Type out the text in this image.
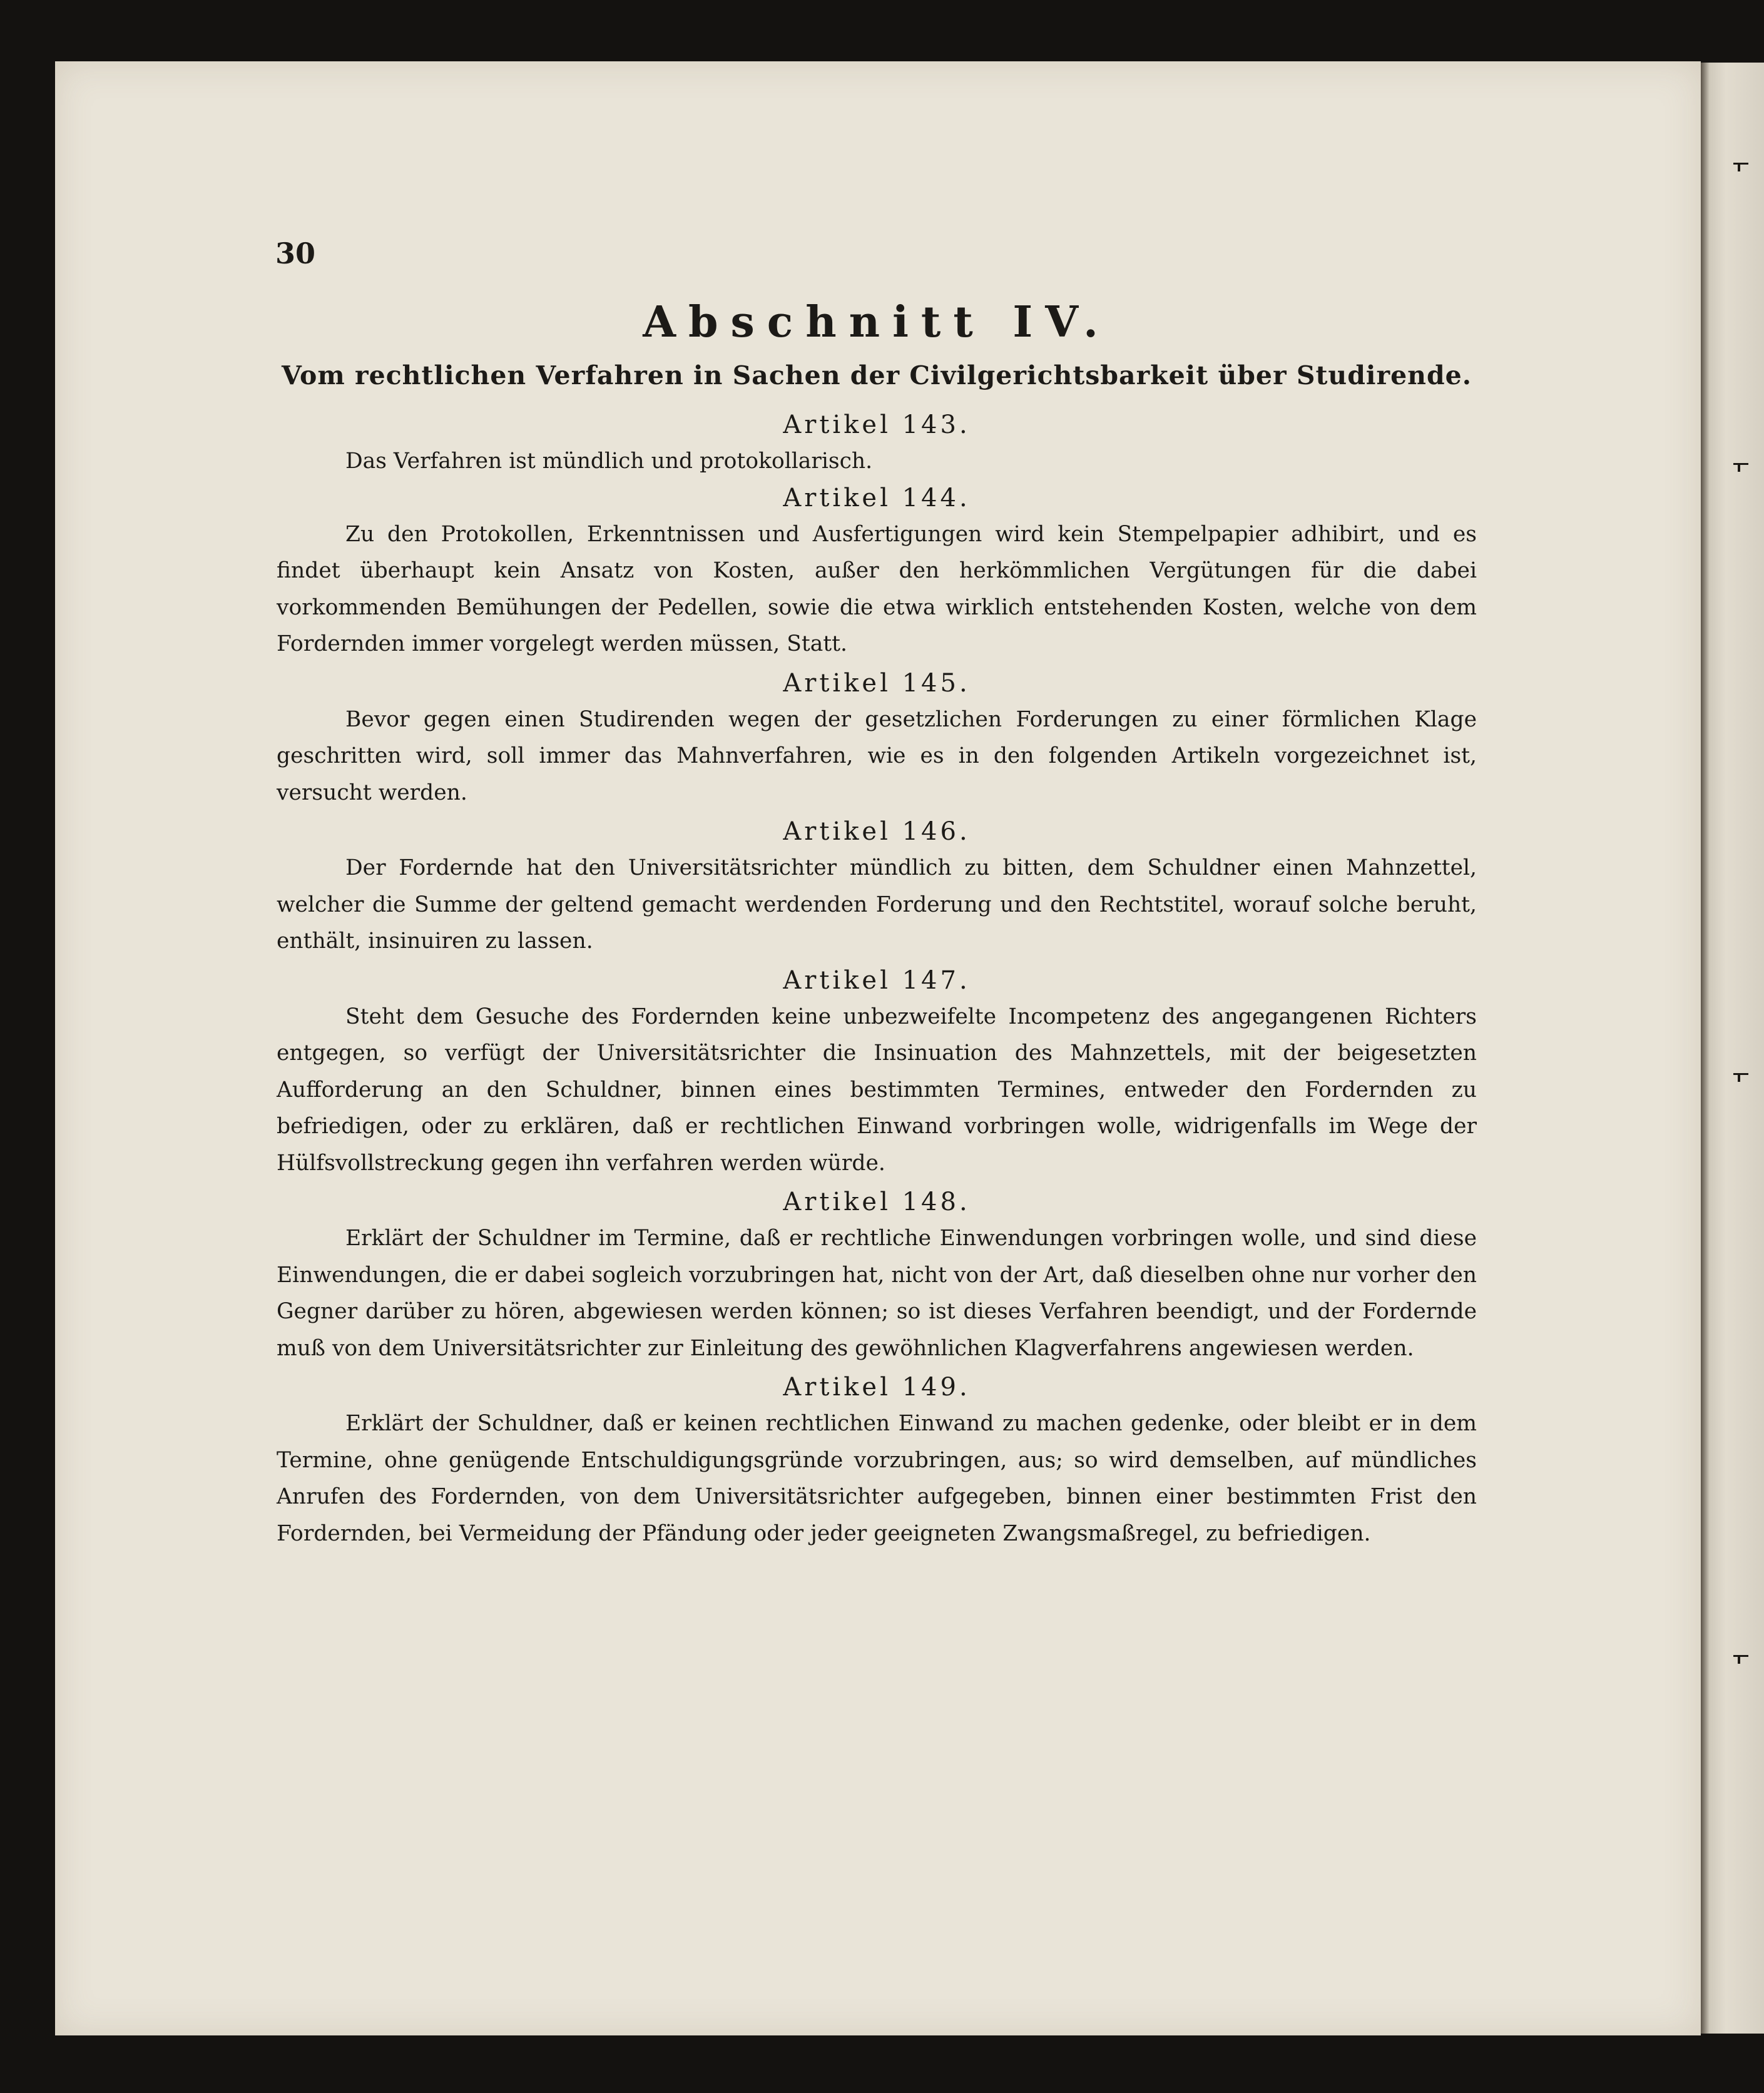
30
Abschnitt IV.
Vom rechtlichen Verfahren in Sachen der Civilgerichtsbarkeit über Studirende.

Artikel 143.

Das Verfahren ist mündlich und protokollarisch.

Artikel 144.

Zu den Protokollen, Erkenntnissen und Ausfertigungen wird kein Stempelpapier adhibirt, und es findet überhaupt kein Ansatz von Kosten, außer den herkömmlichen Vergütungen für die dabei vorkommenden Bemühungen der Pedellen, sowie die etwa wirklich entstehenden Kosten, welche von dem Fordernden immer vorgelegt werden müssen, Statt.

Artikel 145.

Bevor gegen einen Studirenden wegen der gesetzlichen Forderungen zu einer förmlichen Klage geschritten wird, soll immer das Mahnverfahren, wie es in den folgenden Artikeln vorgezeichnet ist, versucht werden.

Artikel 146.

Der Fordernde hat den Universitätsrichter mündlich zu bitten, dem Schuldner einen Mahnzettel, welcher die Summe der geltend gemacht werdenden Forderung und den Rechtstitel, worauf solche beruht, enthält, insinuiren zu lassen.

Artikel 147.

Steht dem Gesuche des Fordernden keine unbezweifelte Incompetenz des angegangenen Richters entgegen, so verfügt der Universitätsrichter die Insinuation des Mahnzettels, mit der beigesetzten Aufforderung an den Schuldner, binnen eines bestimmten Termines, entweder den Fordernden zu befriedigen, oder zu erklären, daß er rechtlichen Einwand vorbringen wolle, widrigenfalls im Wege der Hülfsvollstreckung gegen ihn verfahren werden würde.

Artikel 148.

Erklärt der Schuldner im Termine, daß er rechtliche Einwendungen vorbringen wolle, und sind diese Einwendungen, die er dabei sogleich vorzubringen hat, nicht von der Art, daß dieselben ohne nur vorher den Gegner darüber zu hören, abgewiesen werden können; so ist dieses Verfahren beendigt, und der Fordernde muß von dem Universitätsrichter zur Einleitung des gewöhnlichen Klagverfahrens angewiesen werden.

Artikel 149.

Erklärt der Schuldner, daß er keinen rechtlichen Einwand zu machen gedenke, oder bleibt er in dem Termine, ohne genügende Entschuldigungsgründe vorzubringen, aus; so wird demselben, auf mündliches Anrufen des Fordernden, von dem Universitätsrichter aufgegeben, binnen einer bestimmten Frist den Fordernden, bei Vermeidung der Pfändung oder jeder geeigneten Zwangsmaßregel, zu befriedigen.
